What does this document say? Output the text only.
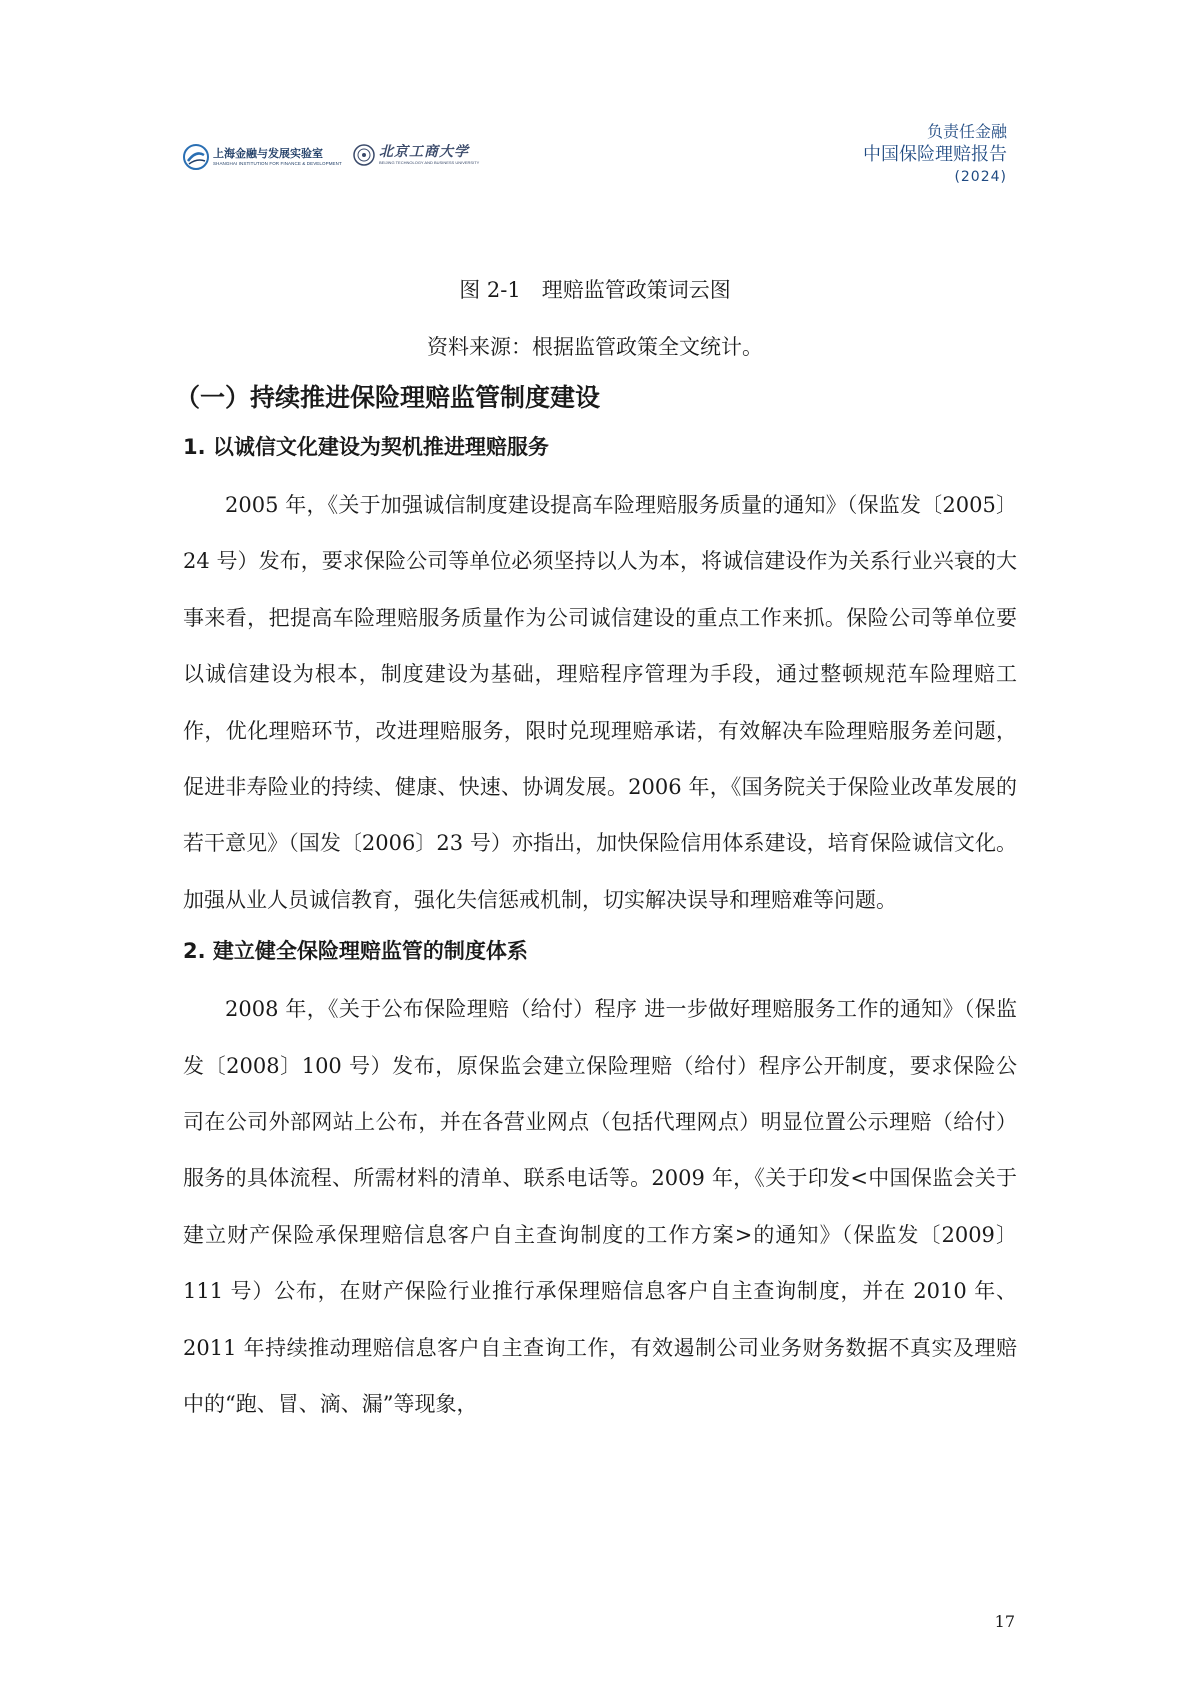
上海金融与发展实验室
SHANGHAI INSTITUTION FOR FINANCE & DEVELOPMENT
北京工商大学
BEIJING TECHNOLOGY AND BUSINESS UNIVERSITY
负责任金融
中国保险理赔报告
(2024)
图 2-1　理赔监管政策词云图
资料来源：根据监管政策全文统计。
（一）持续推进保险理赔监管制度建设
1. 以诚信文化建设为契机推进理赔服务

2005 年，《关于加强诚信制度建设提高车险理赔服务质量的通知》（保监发〔2005〕24 号）发布，要求保险公司等单位必须坚持以人为本，将诚信建设作为关系行业兴衰的大事来看，把提高车险理赔服务质量作为公司诚信建设的重点工作来抓。保险公司等单位要以诚信建设为根本，制度建设为基础，理赔程序管理为手段，通过整顿规范车险理赔工作，优化理赔环节，改进理赔服务，限时兑现理赔承诺，有效解决车险理赔服务差问题，促进非寿险业的持续、健康、快速、协调发展。2006 年，《国务院关于保险业改革发展的若干意见》（国发〔2006〕23 号）亦指出，加快保险信用体系建设，培育保险诚信文化。加强从业人员诚信教育，强化失信惩戒机制，切实解决误导和理赔难等问题。

2. 建立健全保险理赔监管的制度体系

2008 年，《关于公布保险理赔（给付）程序 进一步做好理赔服务工作的通知》（保监发〔2008〕100 号）发布，原保监会建立保险理赔（给付）程序公开制度，要求保险公司在公司外部网站上公布，并在各营业网点（包括代理网点）明显位置公示理赔（给付）服务的具体流程、所需材料的清单、联系电话等。2009 年，《关于印发<中国保监会关于建立财产保险承保理赔信息客户自主查询制度的工作方案>的通知》（保监发〔2009〕111 号）公布，在财产保险行业推行承保理赔信息客户自主查询制度，并在 2010 年、2011 年持续推动理赔信息客户自主查询工作，有效遏制公司业务财务数据不真实及理赔中的“跑、冒、滴、漏”等现象，

17
